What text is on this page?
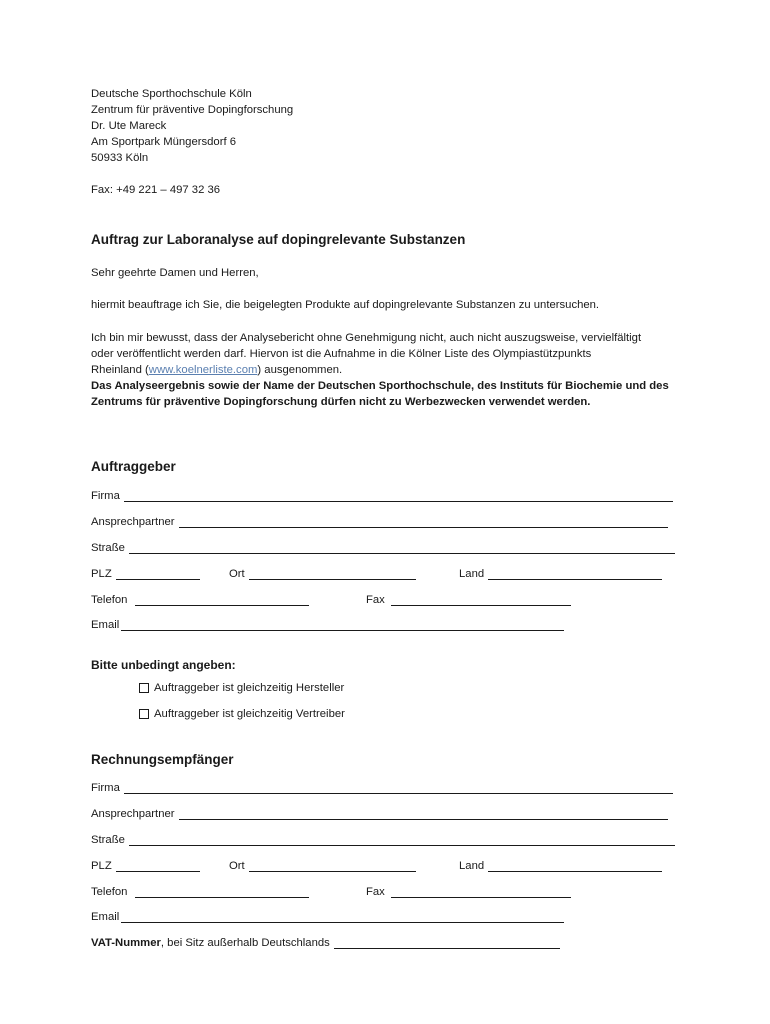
Deutsche Sporthochschule Köln
Zentrum für präventive Dopingforschung
Dr. Ute Mareck
Am Sportpark Müngersdorf 6
50933 Köln
Fax: +49 221 – 497 32 36
Auftrag zur Laboranalyse auf dopingrelevante Substanzen
Sehr geehrte Damen und Herren,
hiermit beauftrage ich Sie, die beigelegten Produkte auf dopingrelevante Substanzen zu untersuchen.
Ich bin mir bewusst, dass der Analysebericht ohne Genehmigung nicht, auch nicht auszugsweise, vervielfältigt
oder veröffentlicht werden darf. Hiervon ist die Aufnahme in die Kölner Liste des Olympiastützpunkts
Rheinland (www.koelnerliste.com) ausgenommen.
Das Analyseergebnis sowie der Name der Deutschen Sporthochschule, des Instituts für Biochemie und des
Zentrums für präventive Dopingforschung dürfen nicht zu Werbezwecken verwendet werden.
Auftraggeber
Firma
Ansprechpartner
Straße
PLZ	Ort	Land
Telefon	Fax
Email
Bitte unbedingt angeben:
Auftraggeber ist gleichzeitig Hersteller
Auftraggeber ist gleichzeitig Vertreiber
Rechnungsempfänger
Firma
Ansprechpartner
Straße
PLZ	Ort	Land
Telefon	Fax
Email
VAT-Nummer, bei Sitz außerhalb Deutschlands
